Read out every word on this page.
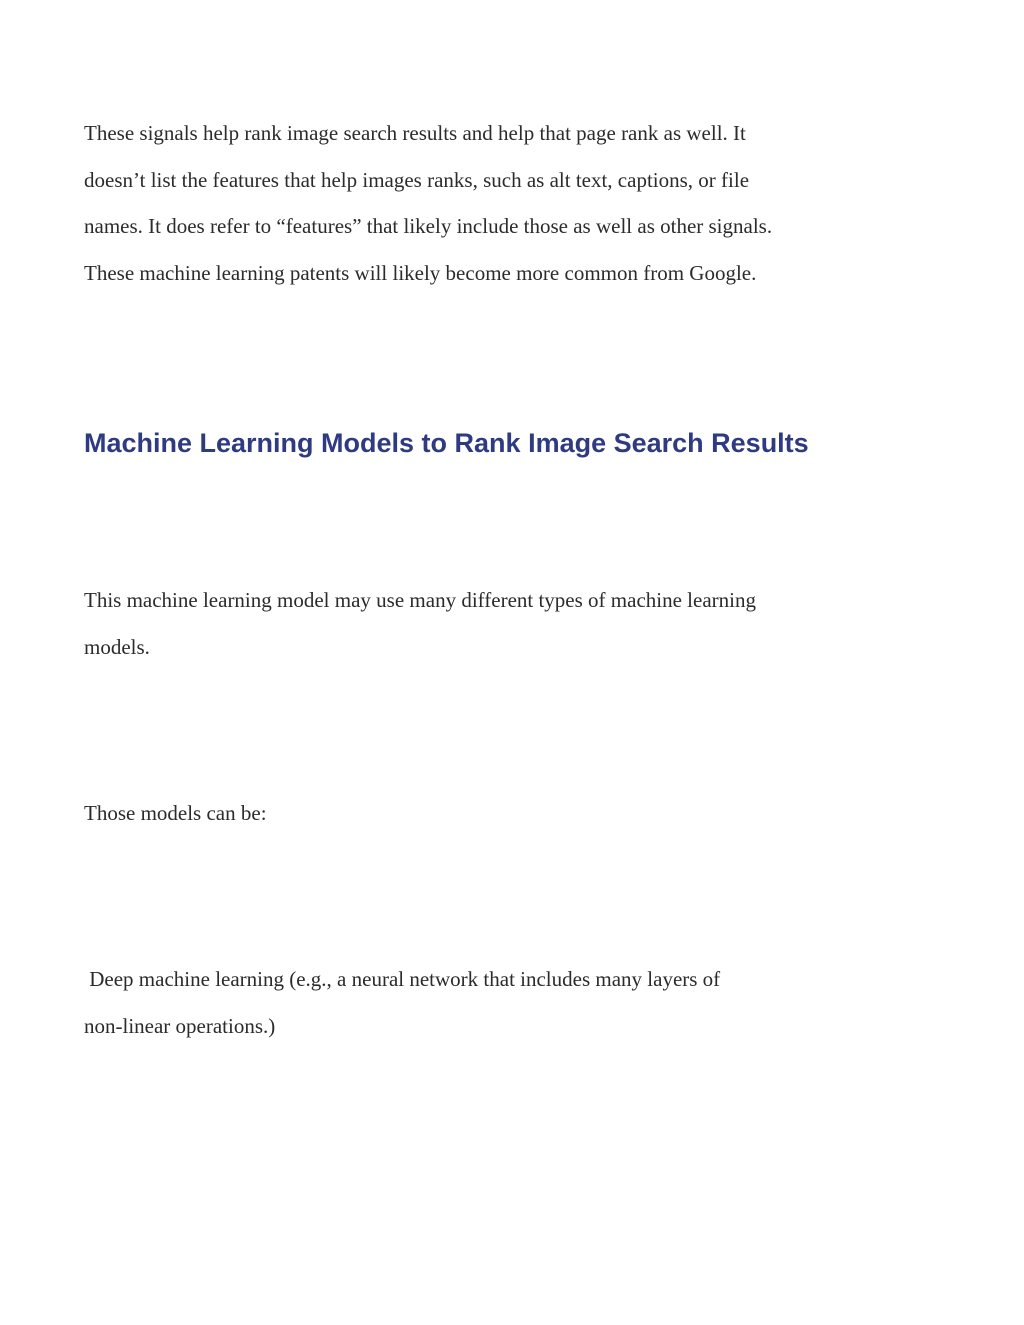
These signals help rank image search results and help that page rank as well. It
doesn’t list the features that help images ranks, such as alt text, captions, or file
names. It does refer to “features” that likely include those as well as other signals.
These machine learning patents will likely become more common from Google.

Machine Learning Models to Rank Image Search Results

This machine learning model may use many different types of machine learning
models.

Those models can be:

Deep machine learning (e.g., a neural network that includes many layers of
non-linear operations.)
